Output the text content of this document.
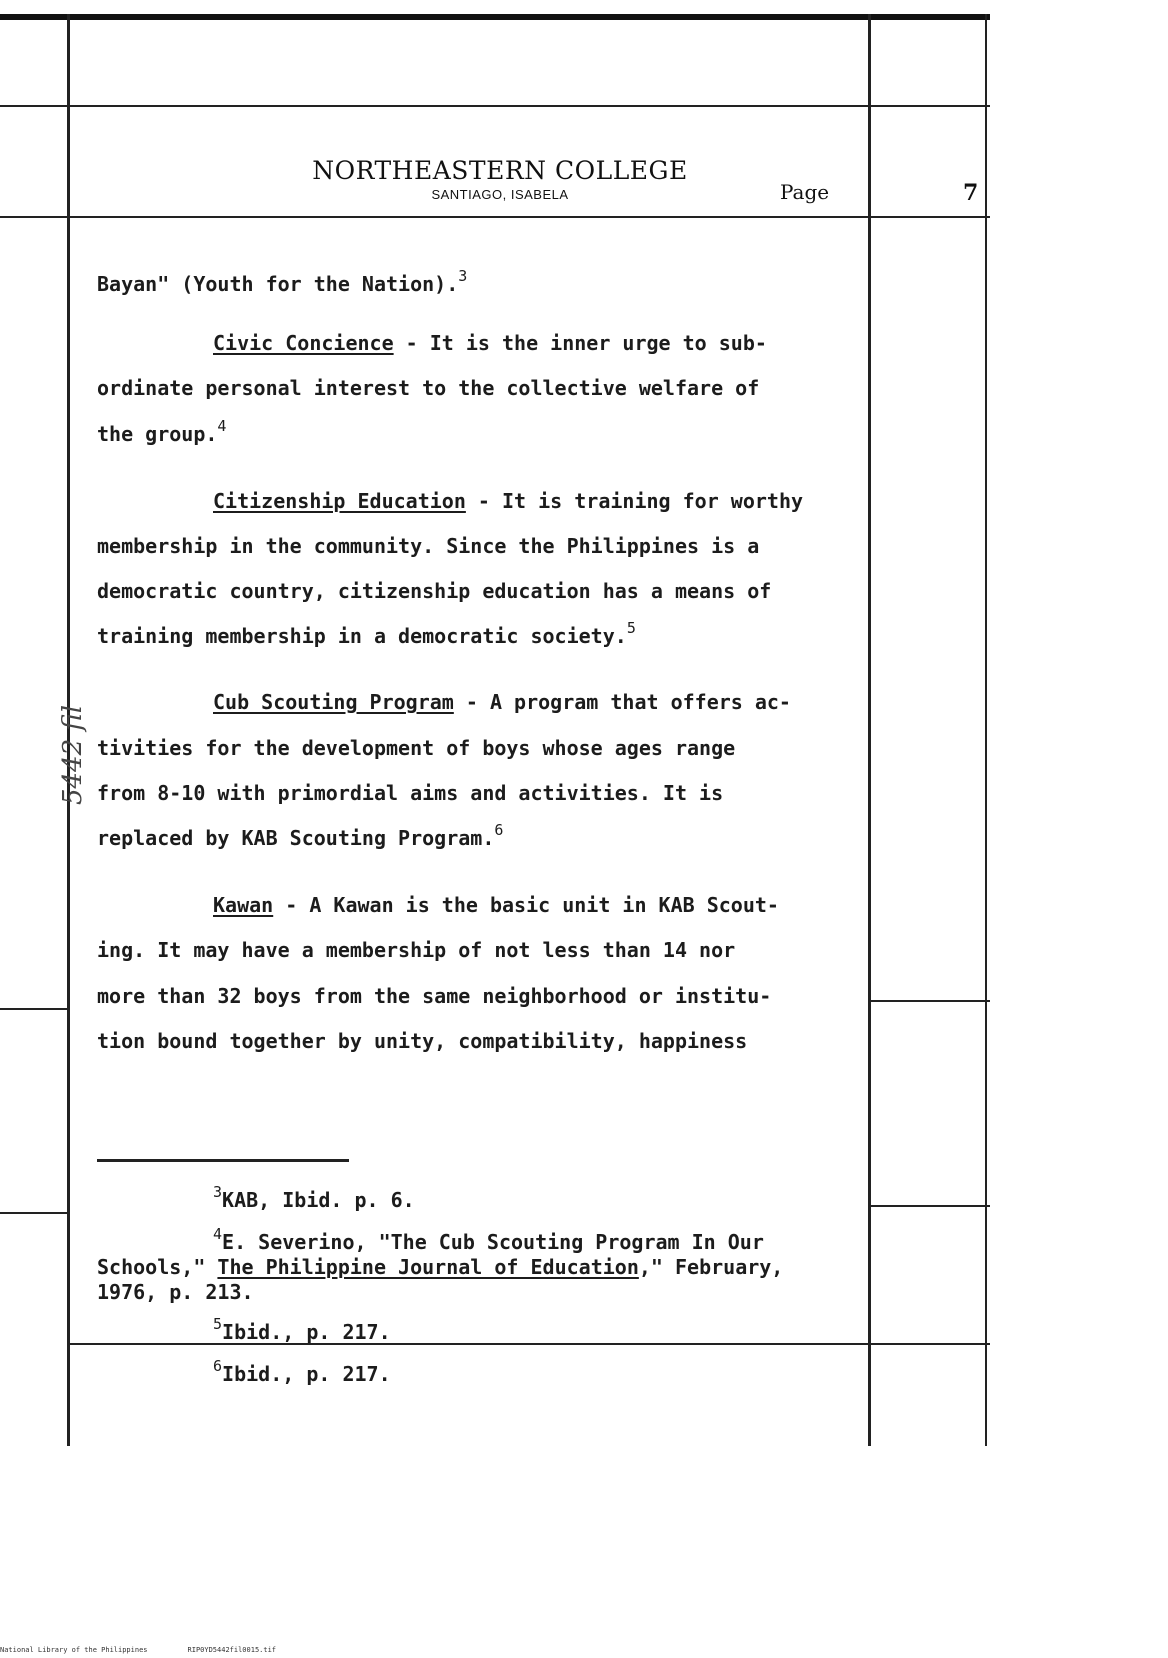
NORTHEASTERN COLLEGE
SANTIAGO, ISABELA	Page	7
Bayan" (Youth for the Nation).$^3$
Civic Concience - It is the inner urge to sub-
ordinate personal interest to the collective welfare of
the group.$^4$
Citizenship Education - It is training for worthy
membership in the community. Since the Philippines is a
democratic country, citizenship education has a means of
training membership in a democratic society.$^5$
Cub Scouting Program - A program that offers ac-
tivities for the development of boys whose ages range
from 8-10 with primordial aims and activities. It is
replaced by KAB Scouting Program.$^6$
Kawan - A Kawan is the basic unit in KAB Scout-
ing. It may have a membership of not less than 14 nor
more than 32 boys from the same neighborhood or institu-
tion bound together by unity, compatibility, happiness
$^3$KAB, Ibid. p. 6.
$^4$E. Severino, "The Cub Scouting Program In Our
Schools," The Philippine Journal of Education," February,
1976, p. 213.
$^5$Ibid., p. 217.
$^6$Ibid., p. 217.
5442 fil
National Library of the Philippines	RIP0YD5442fil0015.tif
